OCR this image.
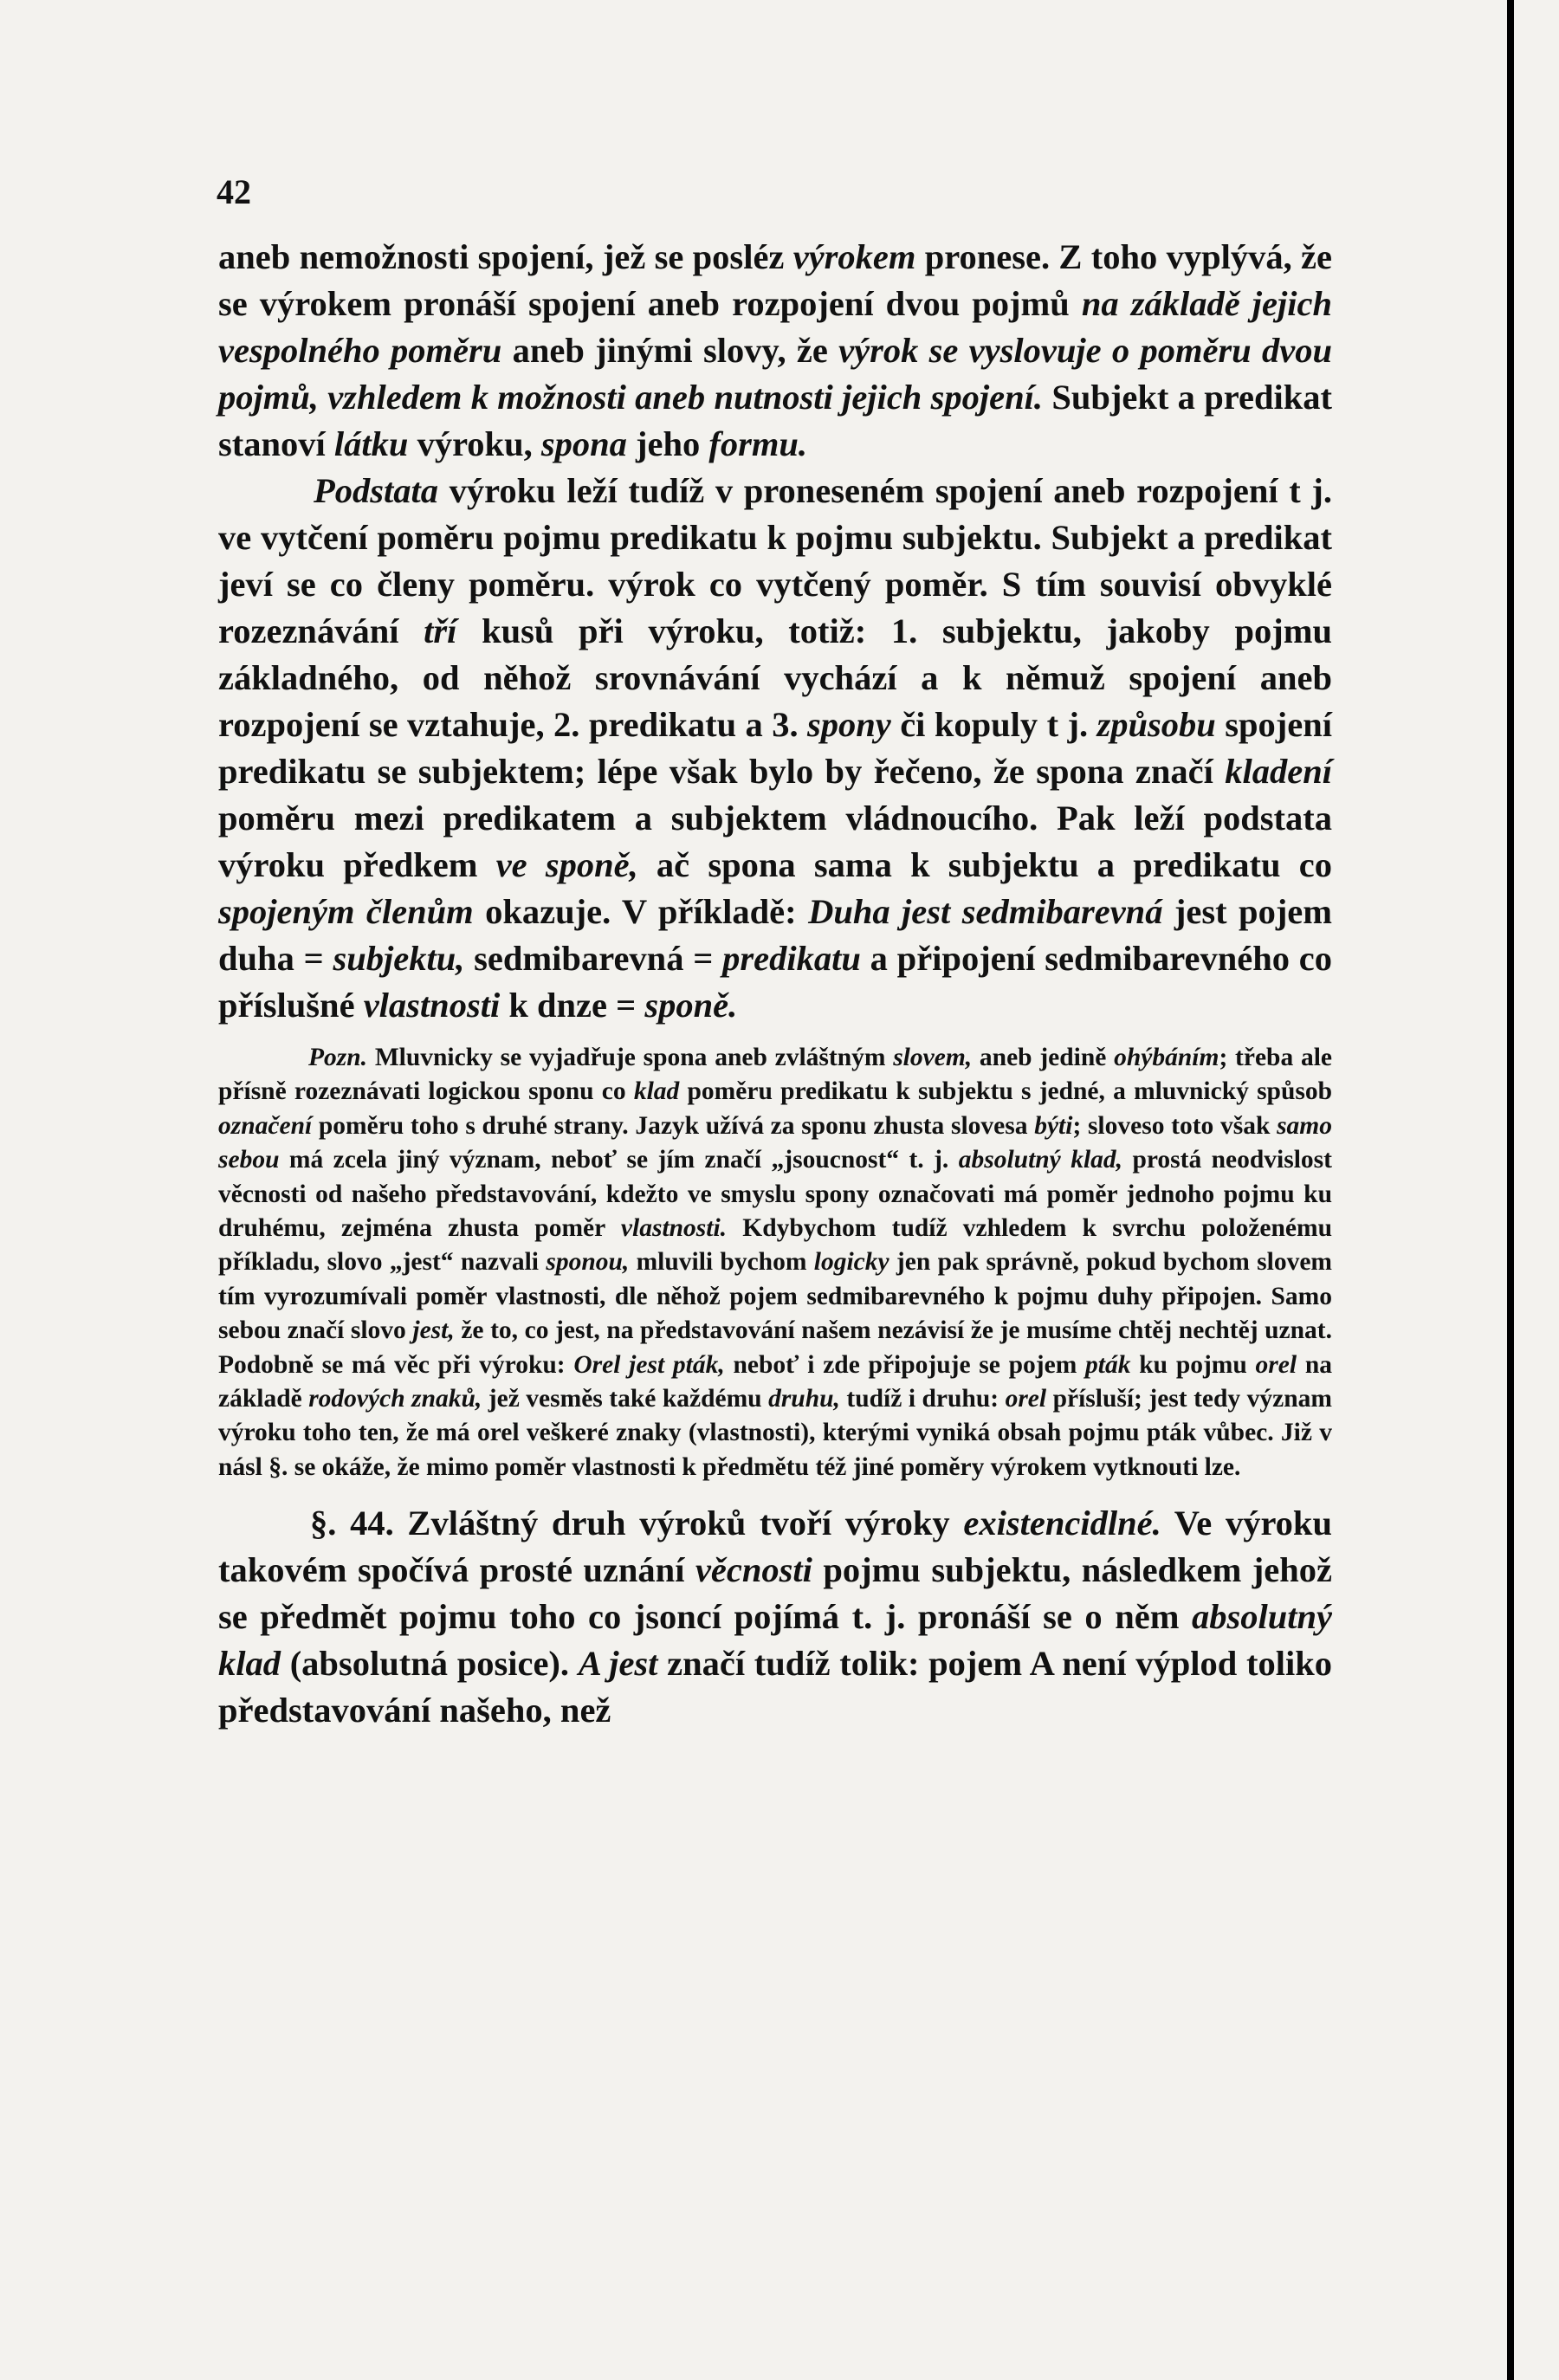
42

aneb nemožnosti spojení, jež se posléz výrokem pronese. Z toho vyplývá, že se výrokem pronáší spojení aneb rozpojení dvou pojmů na základě jejich vespolného poměru aneb jinými slovy, že výrok se vyslovuje o poměru dvou pojmů, vzhledem k možnosti aneb nutnosti jejich spojení. Subjekt a predikat stanoví látku výroku, spona jeho formu.

Podstata výroku leží tudíž v proneseném spojení aneb rozpojení t j. ve vytčení poměru pojmu predikatu k pojmu subjektu. Subjekt a predikat jeví se co členy poměru. výrok co vytčený poměr. S tím souvisí obvyklé rozeznávání tří kusů při výroku, totiž: 1. subjektu, jakoby pojmu základného, od něhož srovnávání vychází a k němuž spojení aneb rozpojení se vztahuje, 2. predikatu a 3. spony či kopuly t j. způsobu spojení predikatu se subjektem; lépe však bylo by řečeno, že spona značí kladení poměru mezi predikatem a subjektem vládnoucího. Pak leží podstata výroku předkem ve sponě, ač spona sama k subjektu a predikatu co spojeným členům okazuje. V příkladě: Duha jest sedmibarevná jest pojem duha = subjektu, sedmibarevná = predikatu a připojení sedmibarevného co příslušné vlastnosti k dnze = sponě.

Pozn. Mluvnicky se vyjadřuje spona aneb zvláštným slovem, aneb jedině ohýbáním; třeba ale přísně rozeznávati logickou sponu co klad poměru predikatu k subjektu s jedné, a mluvnický spůsob označení poměru toho s druhé strany. Jazyk užívá za sponu zhusta slovesa býti; sloveso toto však samo sebou má zcela jiný význam, neboť se jím značí „jsoucnost“ t. j. absolutný klad, prostá neodvislost věcnosti od našeho představování, kdežto ve smyslu spony označovati má poměr jednoho pojmu ku druhému, zejména zhusta poměr vlastnosti. Kdybychom tudíž vzhledem k svrchu položenému příkladu, slovo „jest“ nazvali sponou, mluvili bychom logicky jen pak správně, pokud bychom slovem tím vyrozumívali poměr vlastnosti, dle něhož pojem sedmibarevného k pojmu duhy připojen. Samo sebou značí slovo jest, že to, co jest, na představování našem nezávisí že je musíme chtěj nechtěj uznat. Podobně se má věc při výroku: Orel jest pták, neboť i zde připojuje se pojem pták ku pojmu orel na základě rodových znaků, jež vesměs také každému druhu, tudíž i druhu: orel přísluší; jest tedy význam výroku toho ten, že má orel veškeré znaky (vlastnosti), kterými vyniká obsah pojmu pták vůbec. Již v násl §. se okáže, že mimo poměr vlastnosti k předmětu též jiné poměry výrokem vytknouti lze.

§. 44. Zvláštný druh výroků tvoří výroky existencidlné. Ve výroku takovém spočívá prosté uznání věcnosti pojmu subjektu, následkem jehož se předmět pojmu toho co jsoncí pojímá t. j. pronáší se o něm absolutný klad (absolutná posice). A jest značí tudíž tolik: pojem A není výplod toliko představování našeho, než
